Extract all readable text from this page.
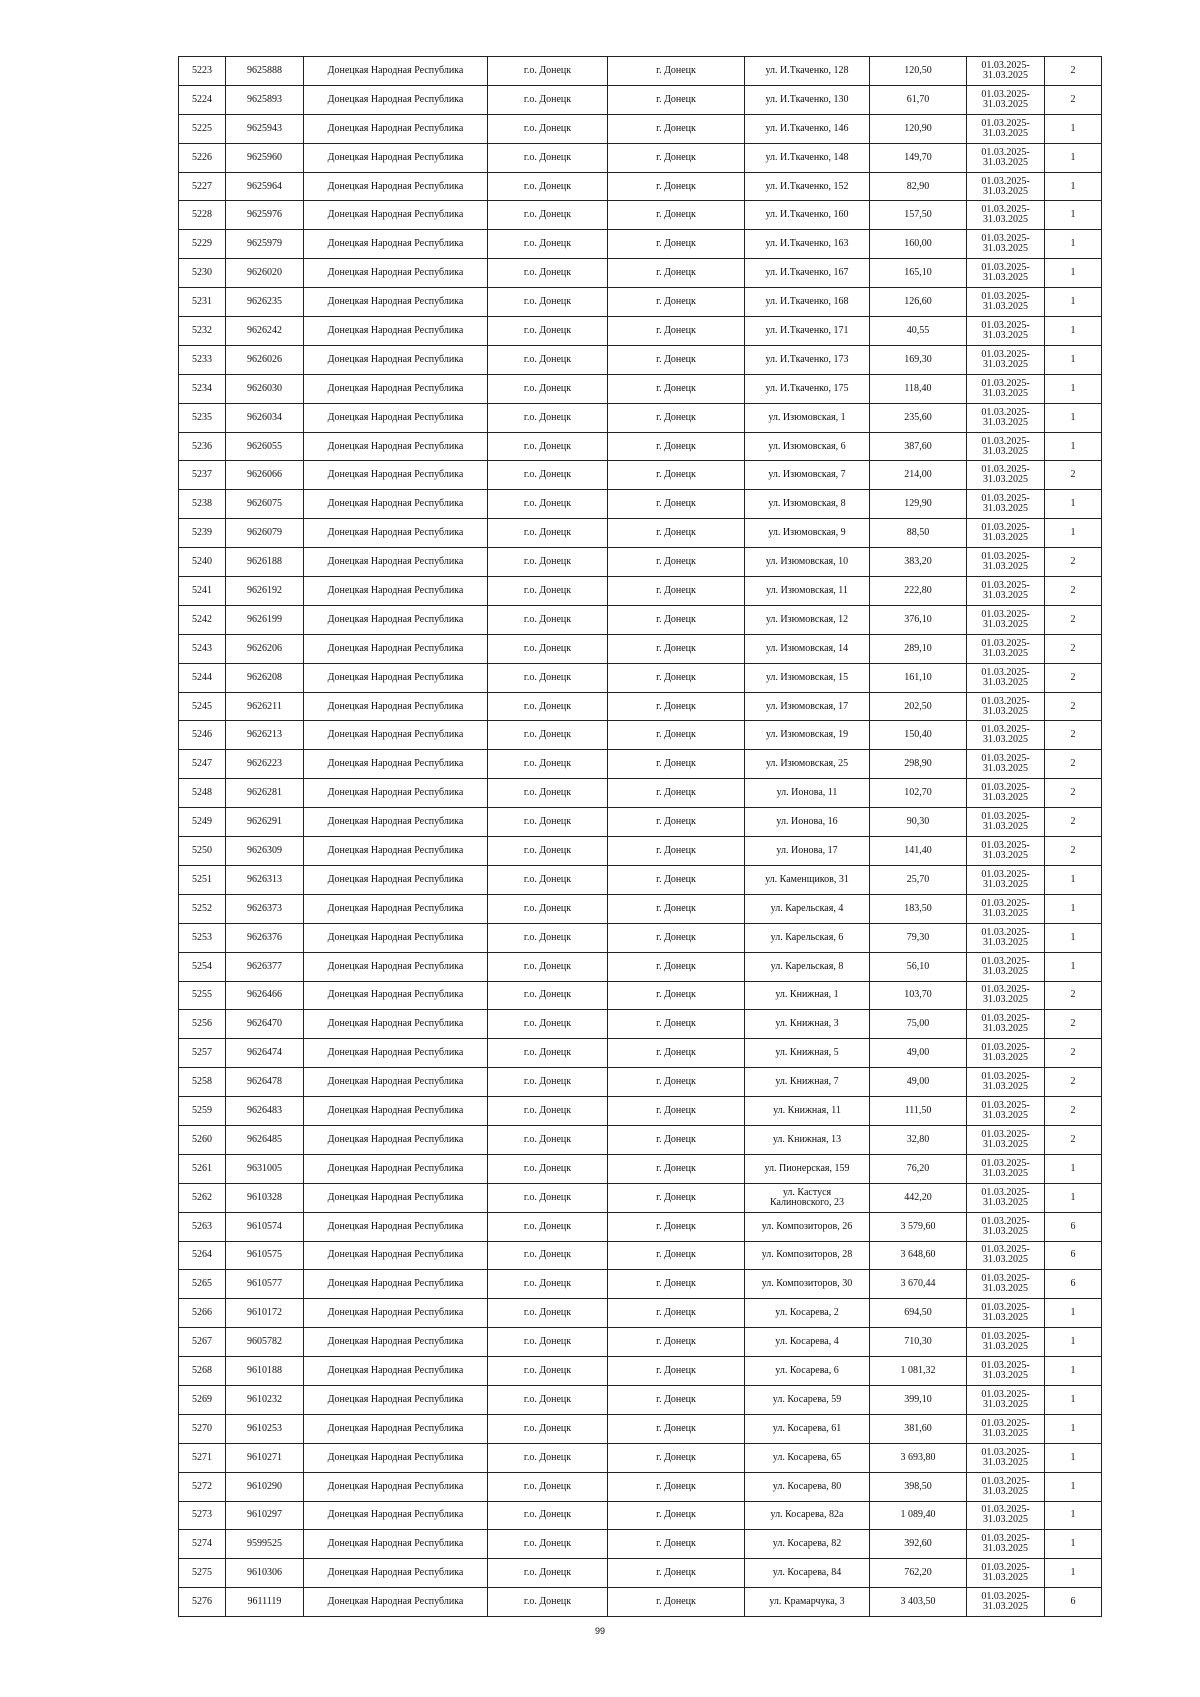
5223	9625888	Донецкая Народная Республика	г.о. Донецк	г. Донецк	ул. И.Ткаченко, 128	120,50	01.03.2025-
31.03.2025	2
5224	9625893	Донецкая Народная Республика	г.о. Донецк	г. Донецк	ул. И.Ткаченко, 130	61,70	01.03.2025-
31.03.2025	2
5225	9625943	Донецкая Народная Республика	г.о. Донецк	г. Донецк	ул. И.Ткаченко, 146	120,90	01.03.2025-
31.03.2025	1
5226	9625960	Донецкая Народная Республика	г.о. Донецк	г. Донецк	ул. И.Ткаченко, 148	149,70	01.03.2025-
31.03.2025	1
5227	9625964	Донецкая Народная Республика	г.о. Донецк	г. Донецк	ул. И.Ткаченко, 152	82,90	01.03.2025-
31.03.2025	1
5228	9625976	Донецкая Народная Республика	г.о. Донецк	г. Донецк	ул. И.Ткаченко, 160	157,50	01.03.2025-
31.03.2025	1
5229	9625979	Донецкая Народная Республика	г.о. Донецк	г. Донецк	ул. И.Ткаченко, 163	160,00	01.03.2025-
31.03.2025	1
5230	9626020	Донецкая Народная Республика	г.о. Донецк	г. Донецк	ул. И.Ткаченко, 167	165,10	01.03.2025-
31.03.2025	1
5231	9626235	Донецкая Народная Республика	г.о. Донецк	г. Донецк	ул. И.Ткаченко, 168	126,60	01.03.2025-
31.03.2025	1
5232	9626242	Донецкая Народная Республика	г.о. Донецк	г. Донецк	ул. И.Ткаченко, 171	40,55	01.03.2025-
31.03.2025	1
5233	9626026	Донецкая Народная Республика	г.о. Донецк	г. Донецк	ул. И.Ткаченко, 173	169,30	01.03.2025-
31.03.2025	1
5234	9626030	Донецкая Народная Республика	г.о. Донецк	г. Донецк	ул. И.Ткаченко, 175	118,40	01.03.2025-
31.03.2025	1
5235	9626034	Донецкая Народная Республика	г.о. Донецк	г. Донецк	ул. Изюмовская, 1	235,60	01.03.2025-
31.03.2025	1
5236	9626055	Донецкая Народная Республика	г.о. Донецк	г. Донецк	ул. Изюмовская, 6	387,60	01.03.2025-
31.03.2025	1
5237	9626066	Донецкая Народная Республика	г.о. Донецк	г. Донецк	ул. Изюмовская, 7	214,00	01.03.2025-
31.03.2025	2
5238	9626075	Донецкая Народная Республика	г.о. Донецк	г. Донецк	ул. Изюмовская, 8	129,90	01.03.2025-
31.03.2025	1
5239	9626079	Донецкая Народная Республика	г.о. Донецк	г. Донецк	ул. Изюмовская, 9	88,50	01.03.2025-
31.03.2025	1
5240	9626188	Донецкая Народная Республика	г.о. Донецк	г. Донецк	ул. Изюмовская, 10	383,20	01.03.2025-
31.03.2025	2
5241	9626192	Донецкая Народная Республика	г.о. Донецк	г. Донецк	ул. Изюмовская, 11	222,80	01.03.2025-
31.03.2025	2
5242	9626199	Донецкая Народная Республика	г.о. Донецк	г. Донецк	ул. Изюмовская, 12	376,10	01.03.2025-
31.03.2025	2
5243	9626206	Донецкая Народная Республика	г.о. Донецк	г. Донецк	ул. Изюмовская, 14	289,10	01.03.2025-
31.03.2025	2
5244	9626208	Донецкая Народная Республика	г.о. Донецк	г. Донецк	ул. Изюмовская, 15	161,10	01.03.2025-
31.03.2025	2
5245	9626211	Донецкая Народная Республика	г.о. Донецк	г. Донецк	ул. Изюмовская, 17	202,50	01.03.2025-
31.03.2025	2
5246	9626213	Донецкая Народная Республика	г.о. Донецк	г. Донецк	ул. Изюмовская, 19	150,40	01.03.2025-
31.03.2025	2
5247	9626223	Донецкая Народная Республика	г.о. Донецк	г. Донецк	ул. Изюмовская, 25	298,90	01.03.2025-
31.03.2025	2
5248	9626281	Донецкая Народная Республика	г.о. Донецк	г. Донецк	ул. Ионова, 11	102,70	01.03.2025-
31.03.2025	2
5249	9626291	Донецкая Народная Республика	г.о. Донецк	г. Донецк	ул. Ионова, 16	90,30	01.03.2025-
31.03.2025	2
5250	9626309	Донецкая Народная Республика	г.о. Донецк	г. Донецк	ул. Ионова, 17	141,40	01.03.2025-
31.03.2025	2
5251	9626313	Донецкая Народная Республика	г.о. Донецк	г. Донецк	ул. Каменщиков, 31	25,70	01.03.2025-
31.03.2025	1
5252	9626373	Донецкая Народная Республика	г.о. Донецк	г. Донецк	ул. Карельская, 4	183,50	01.03.2025-
31.03.2025	1
5253	9626376	Донецкая Народная Республика	г.о. Донецк	г. Донецк	ул. Карельская, 6	79,30	01.03.2025-
31.03.2025	1
5254	9626377	Донецкая Народная Республика	г.о. Донецк	г. Донецк	ул. Карельская, 8	56,10	01.03.2025-
31.03.2025	1
5255	9626466	Донецкая Народная Республика	г.о. Донецк	г. Донецк	ул. Книжная, 1	103,70	01.03.2025-
31.03.2025	2
5256	9626470	Донецкая Народная Республика	г.о. Донецк	г. Донецк	ул. Книжная, 3	75,00	01.03.2025-
31.03.2025	2
5257	9626474	Донецкая Народная Республика	г.о. Донецк	г. Донецк	ул. Книжная, 5	49,00	01.03.2025-
31.03.2025	2
5258	9626478	Донецкая Народная Республика	г.о. Донецк	г. Донецк	ул. Книжная, 7	49,00	01.03.2025-
31.03.2025	2
5259	9626483	Донецкая Народная Республика	г.о. Донецк	г. Донецк	ул. Книжная, 11	111,50	01.03.2025-
31.03.2025	2
5260	9626485	Донецкая Народная Республика	г.о. Донецк	г. Донецк	ул. Книжная, 13	32,80	01.03.2025-
31.03.2025	2
5261	9631005	Донецкая Народная Республика	г.о. Донецк	г. Донецк	ул. Пионерская, 159	76,20	01.03.2025-
31.03.2025	1
5262	9610328	Донецкая Народная Республика	г.о. Донецк	г. Донецк	ул. Кастуся
Калиновского, 23	442,20	01.03.2025-
31.03.2025	1
5263	9610574	Донецкая Народная Республика	г.о. Донецк	г. Донецк	ул. Композиторов, 26	3 579,60	01.03.2025-
31.03.2025	6
5264	9610575	Донецкая Народная Республика	г.о. Донецк	г. Донецк	ул. Композиторов, 28	3 648,60	01.03.2025-
31.03.2025	6
5265	9610577	Донецкая Народная Республика	г.о. Донецк	г. Донецк	ул. Композиторов, 30	3 670,44	01.03.2025-
31.03.2025	6
5266	9610172	Донецкая Народная Республика	г.о. Донецк	г. Донецк	ул. Косарева, 2	694,50	01.03.2025-
31.03.2025	1
5267	9605782	Донецкая Народная Республика	г.о. Донецк	г. Донецк	ул. Косарева, 4	710,30	01.03.2025-
31.03.2025	1
5268	9610188	Донецкая Народная Республика	г.о. Донецк	г. Донецк	ул. Косарева, 6	1 081,32	01.03.2025-
31.03.2025	1
5269	9610232	Донецкая Народная Республика	г.о. Донецк	г. Донецк	ул. Косарева, 59	399,10	01.03.2025-
31.03.2025	1
5270	9610253	Донецкая Народная Республика	г.о. Донецк	г. Донецк	ул. Косарева, 61	381,60	01.03.2025-
31.03.2025	1
5271	9610271	Донецкая Народная Республика	г.о. Донецк	г. Донецк	ул. Косарева, 65	3 693,80	01.03.2025-
31.03.2025	1
5272	9610290	Донецкая Народная Республика	г.о. Донецк	г. Донецк	ул. Косарева, 80	398,50	01.03.2025-
31.03.2025	1
5273	9610297	Донецкая Народная Республика	г.о. Донецк	г. Донецк	ул. Косарева, 82а	1 089,40	01.03.2025-
31.03.2025	1
5274	9599525	Донецкая Народная Республика	г.о. Донецк	г. Донецк	ул. Косарева, 82	392,60	01.03.2025-
31.03.2025	1
5275	9610306	Донецкая Народная Республика	г.о. Донецк	г. Донецк	ул. Косарева, 84	762,20	01.03.2025-
31.03.2025	1
5276	9611119	Донецкая Народная Республика	г.о. Донецк	г. Донецк	ул. Крамарчука, 3	3 403,50	01.03.2025-
31.03.2025	6
99
